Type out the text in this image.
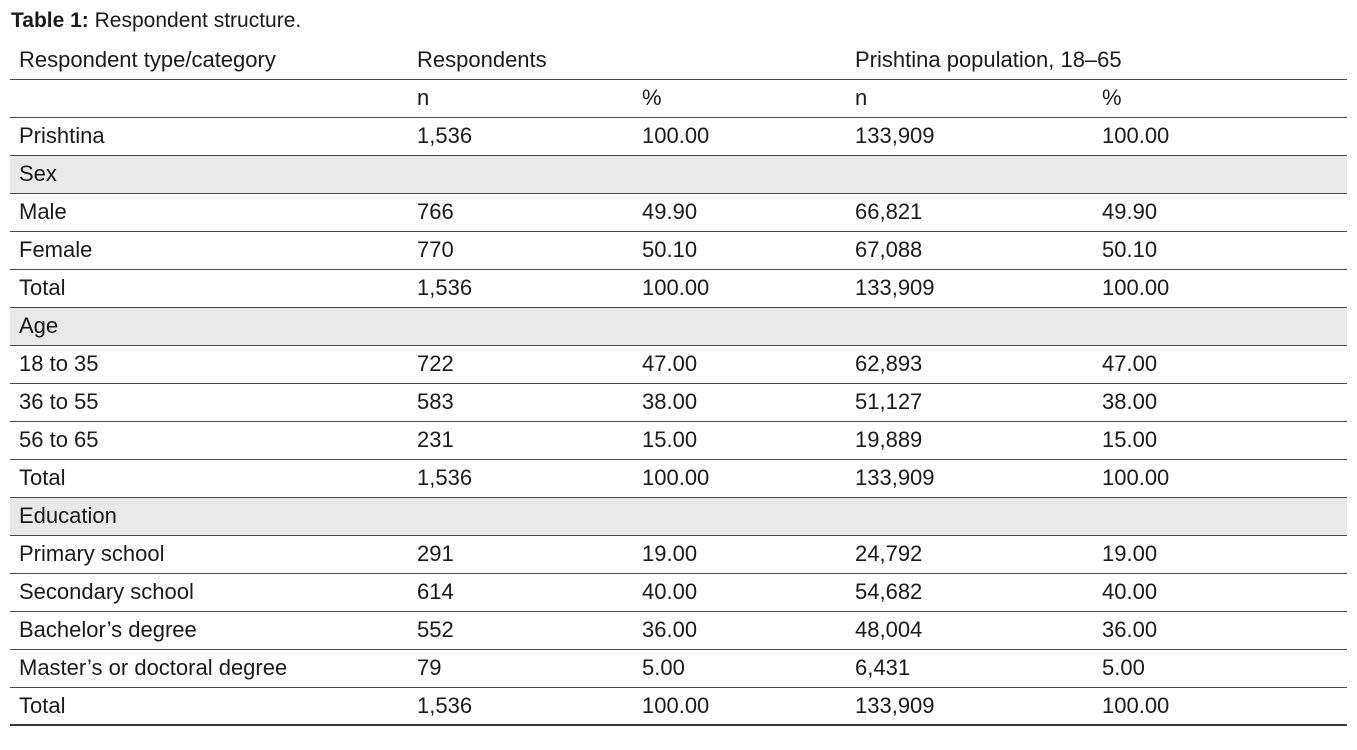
Table 1: Respondent structure.
Respondent type/category	Respondents		Prishtina population, 18–65	
	n	%	n	%
Prishtina	1,536	100.00	133,909	100.00
Sex				
Male	766	49.90	66,821	49.90
Female	770	50.10	67,088	50.10
Total	1,536	100.00	133,909	100.00
Age				
18 to 35	722	47.00	62,893	47.00
36 to 55	583	38.00	51,127	38.00
56 to 65	231	15.00	19,889	15.00
Total	1,536	100.00	133,909	100.00
Education				
Primary school	291	19.00	24,792	19.00
Secondary school	614	40.00	54,682	40.00
Bachelor’s degree	552	36.00	48,004	36.00
Master’s or doctoral degree	79	5.00	6,431	5.00
Total	1,536	100.00	133,909	100.00
